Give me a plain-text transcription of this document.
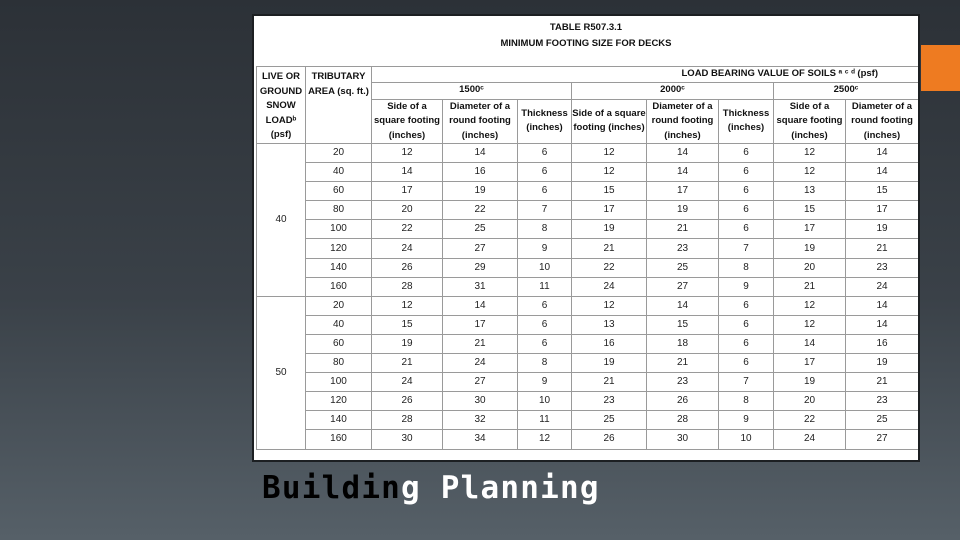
TABLE R507.3.1
MINIMUM FOOTING SIZE FOR DECKS
LIVE OR GROUND SNOW LOADᵇ (psf)	TRIBUTARY AREA (sq. ft.)	LOAD BEARING VALUE OF SOILS ᵃ ᶜ ᵈ (psf)							
		1500ᶜ			2000ᶜ			2500ᶜ	
		Side of a square footing (inches)	Diameter of a round footing (inches)	Thickness (inches)	Side of a square footing (inches)	Diameter of a round footing (inches)	Thickness (inches)	Side of a square footing (inches)	Diameter of a round footing (inches)
40	20	12	14	6	12	14	6	12	14
	40	14	16	6	12	14	6	12	14
	60	17	19	6	15	17	6	13	15
	80	20	22	7	17	19	6	15	17
	100	22	25	8	19	21	6	17	19
	120	24	27	9	21	23	7	19	21
	140	26	29	10	22	25	8	20	23
	160	28	31	11	24	27	9	21	24
50	20	12	14	6	12	14	6	12	14
	40	15	17	6	13	15	6	12	14
	60	19	21	6	16	18	6	14	16
	80	21	24	8	19	21	6	17	19
	100	24	27	9	21	23	7	19	21
	120	26	30	10	23	26	8	20	23
	140	28	32	11	25	28	9	22	25
	160	30	34	12	26	30	10	24	27
Building Planning
